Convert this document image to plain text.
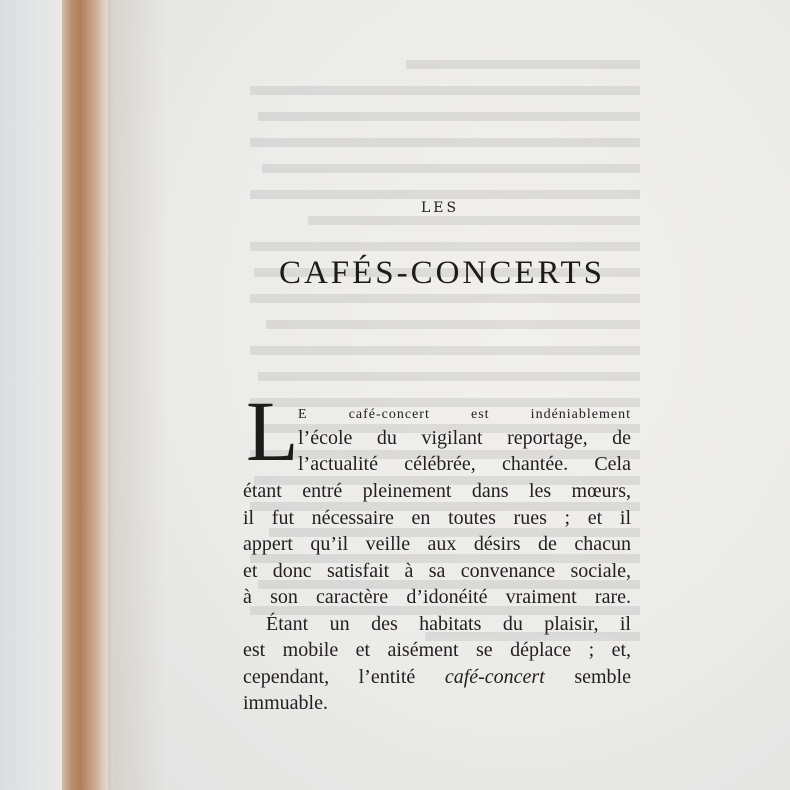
LES
CAFÉS-CONCERTS
L E café-concert est indéniablement
l’école du vigilant reportage, de
l’actualité célébrée, chantée. Cela
étant entré pleinement dans les mœurs,
il fut nécessaire en toutes rues ; et il
appert qu’il veille aux désirs de chacun
et donc satisfait à sa convenance sociale,
à son caractère d’idonéité vraiment rare.
Étant un des habitats du plaisir, il
est mobile et aisément se déplace ; et,
cependant, l’entité café-concert semble
immuable.
